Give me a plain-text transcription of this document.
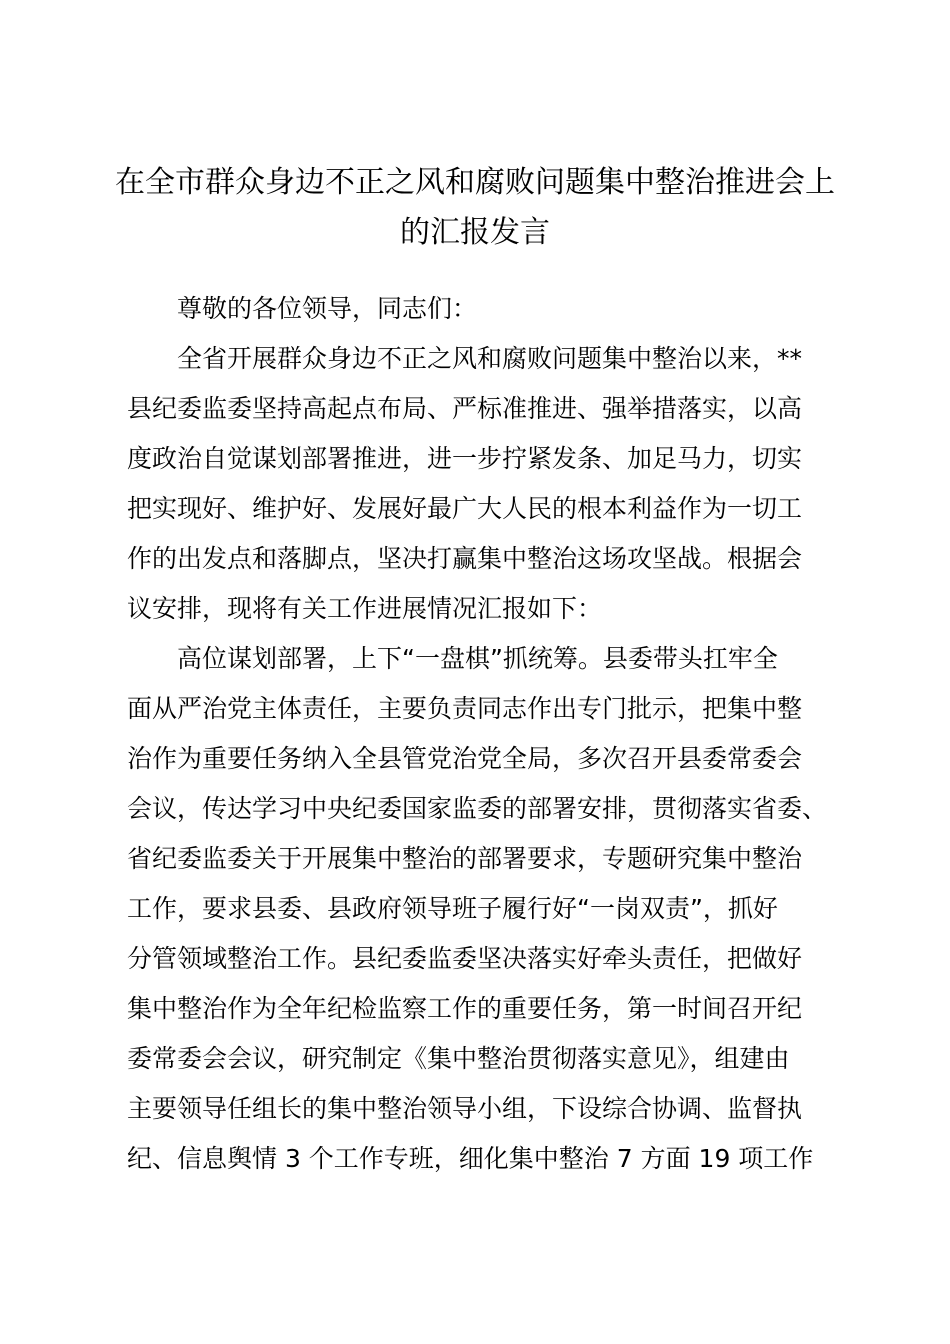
在全市群众身边不正之风和腐败问题集中整治推进会上
的汇报发言

尊敬的各位领导，同志们：

全省开展群众身边不正之风和腐败问题集中整治以来，**
县纪委监委坚持高起点布局、严标准推进、强举措落实，以高
度政治自觉谋划部署推进，进一步拧紧发条、加足马力，切实
把实现好、维护好、发展好最广大人民的根本利益作为一切工
作的出发点和落脚点，坚决打赢集中整治这场攻坚战。根据会
议安排，现将有关工作进展情况汇报如下：

高位谋划部署，上下“一盘棋”抓统筹。县委带头扛牢全
面从严治党主体责任，主要负责同志作出专门批示，把集中整
治作为重要任务纳入全县管党治党全局，多次召开县委常委会
会议，传达学习中央纪委国家监委的部署安排，贯彻落实省委、
省纪委监委关于开展集中整治的部署要求，专题研究集中整治
工作，要求县委、县政府领导班子履行好“一岗双责”，抓好
分管领域整治工作。县纪委监委坚决落实好牵头责任，把做好
集中整治作为全年纪检监察工作的重要任务，第一时间召开纪
委常委会会议，研究制定《集中整治贯彻落实意见》，组建由
主要领导任组长的集中整治领导小组，下设综合协调、监督执
纪、信息舆情 3 个工作专班，细化集中整治 7 方面 19 项工作
